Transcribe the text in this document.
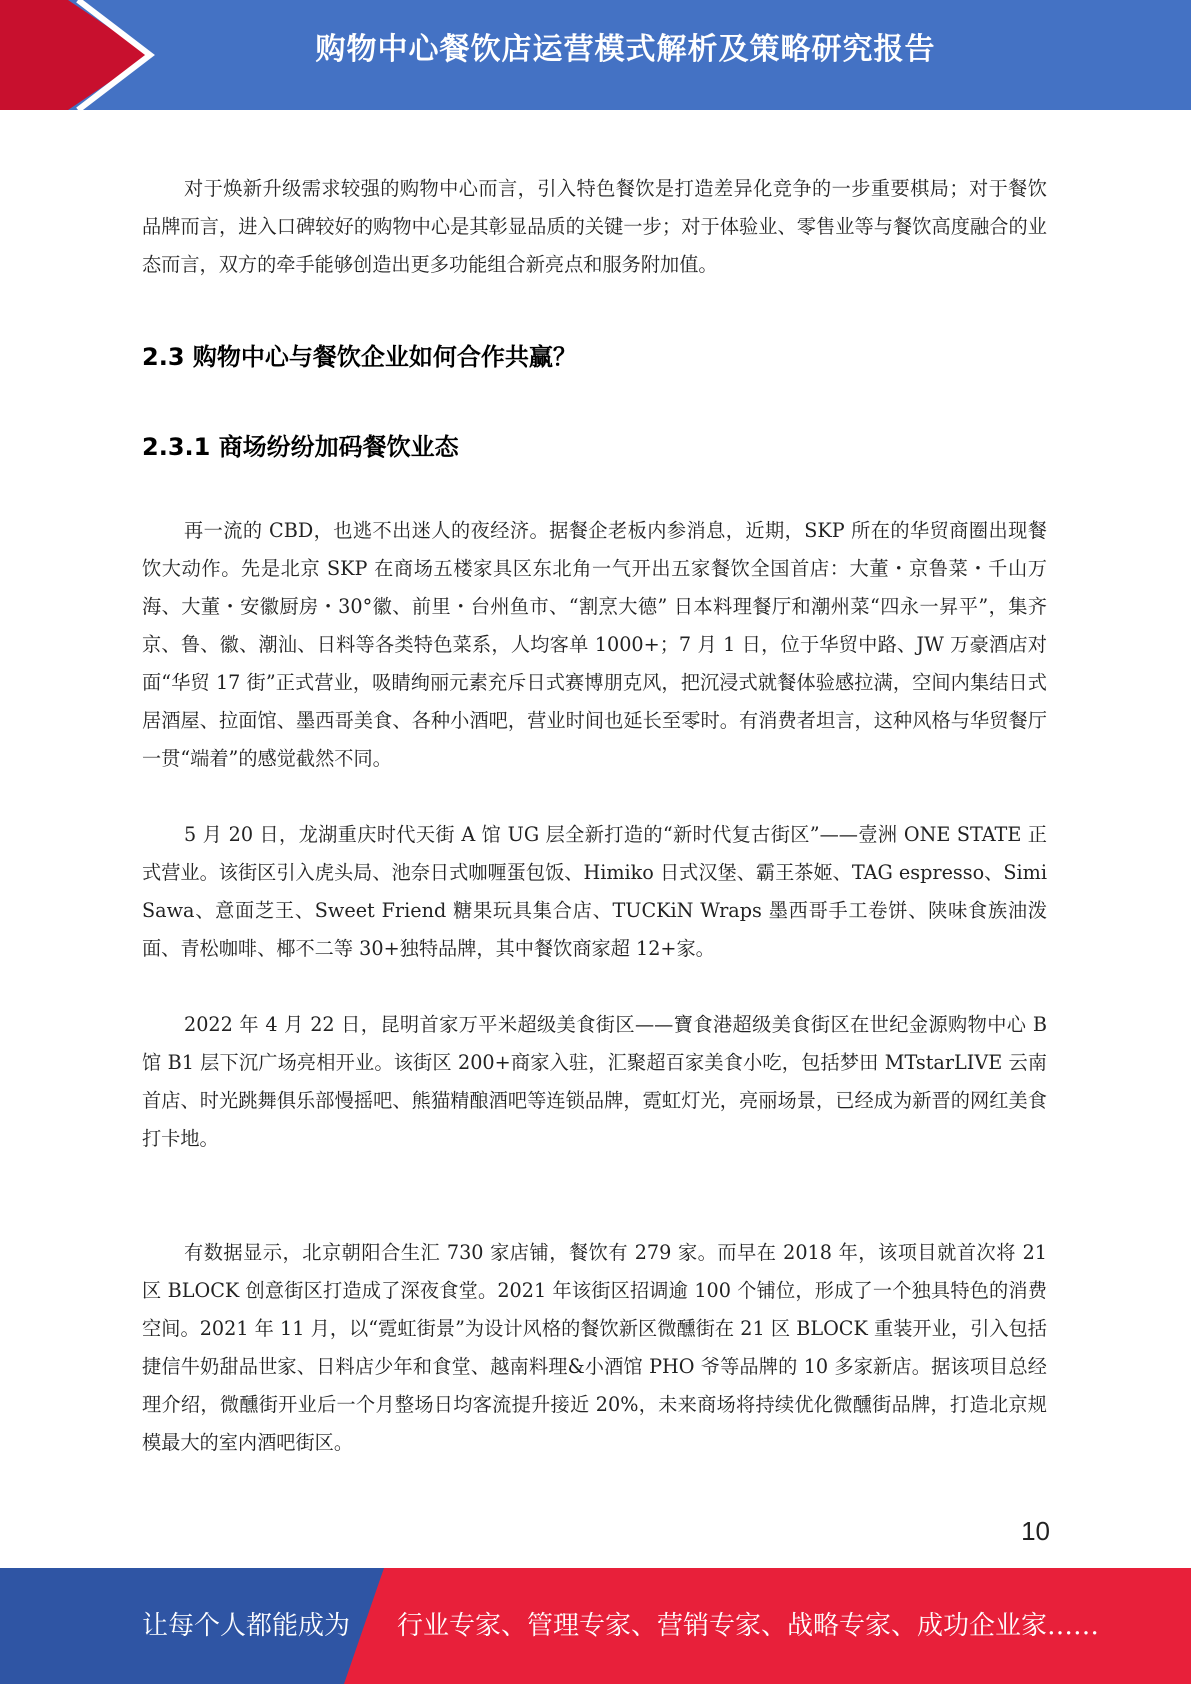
购物中心餐饮店运营模式解析及策略研究报告

对于焕新升级需求较强的购物中心而言，引入特色餐饮是打造差异化竞争的一步重要棋局；对于餐饮品牌而言，进入口碑较好的购物中心是其彰显品质的关键一步；对于体验业、零售业等与餐饮高度融合的业态而言，双方的牵手能够创造出更多功能组合新亮点和服务附加值。

2.3 购物中心与餐饮企业如何合作共赢？
2.3.1 商场纷纷加码餐饮业态

再一流的 CBD，也逃不出迷人的夜经济。据餐企老板内参消息，近期，SKP 所在的华贸商圈出现餐饮大动作。先是北京 SKP 在商场五楼家具区东北角一气开出五家餐饮全国首店：大董・京鲁菜・千山万海、大董・安徽厨房・30°徽、前里・台州鱼市、“割烹大德” 日本料理餐厅和潮州菜“四永一昇平”，集齐京、鲁、徽、潮汕、日料等各类特色菜系，人均客单 1000+；7 月 1 日，位于华贸中路、JW 万豪酒店对面“华贸 17 街”正式营业，吸睛绚丽元素充斥日式赛博朋克风，把沉浸式就餐体验感拉满，空间内集结日式居酒屋、拉面馆、墨西哥美食、各种小酒吧，营业时间也延长至零时。有消费者坦言，这种风格与华贸餐厅一贯“端着”的感觉截然不同。

5 月 20 日，龙湖重庆时代天街 A 馆 UG 层全新打造的“新时代复古街区”——壹洲 ONE STATE 正式营业。该街区引入虎头局、池奈日式咖喱蛋包饭、Himiko 日式汉堡、霸王茶姬、TAG espresso、Simi Sawa、意面芝王、Sweet Friend 糖果玩具集合店、TUCKiN Wraps 墨西哥手工卷饼、陕味食族油泼面、青松咖啡、椰不二等 30+独特品牌，其中餐饮商家超 12+家。

2022 年 4 月 22 日，昆明首家万平米超级美食街区——寶食港超级美食街区在世纪金源购物中心 B 馆 B1 层下沉广场亮相开业。该街区 200+商家入驻，汇聚超百家美食小吃，包括梦田 MTstarLIVE 云南首店、时光跳舞俱乐部慢摇吧、熊猫精酿酒吧等连锁品牌，霓虹灯光，亮丽场景，已经成为新晋的网红美食打卡地。

有数据显示，北京朝阳合生汇 730 家店铺，餐饮有 279 家。而早在 2018 年，该项目就首次将 21 区 BLOCK 创意街区打造成了深夜食堂。2021 年该街区招调逾 100 个铺位，形成了一个独具特色的消费空间。2021 年 11 月，以“霓虹街景”为设计风格的餐饮新区微醺街在 21 区 BLOCK 重装开业，引入包括捷信牛奶甜品世家、日料店少年和食堂、越南料理&小酒馆 PHO 爷等品牌的 10 多家新店。据该项目总经理介绍，微醺街开业后一个月整场日均客流提升接近 20%，未来商场将持续优化微醺街品牌，打造北京规模最大的室内酒吧街区。

10
让每个人都能成为 行业专家、管理专家、营销专家、战略专家、成功企业家……
